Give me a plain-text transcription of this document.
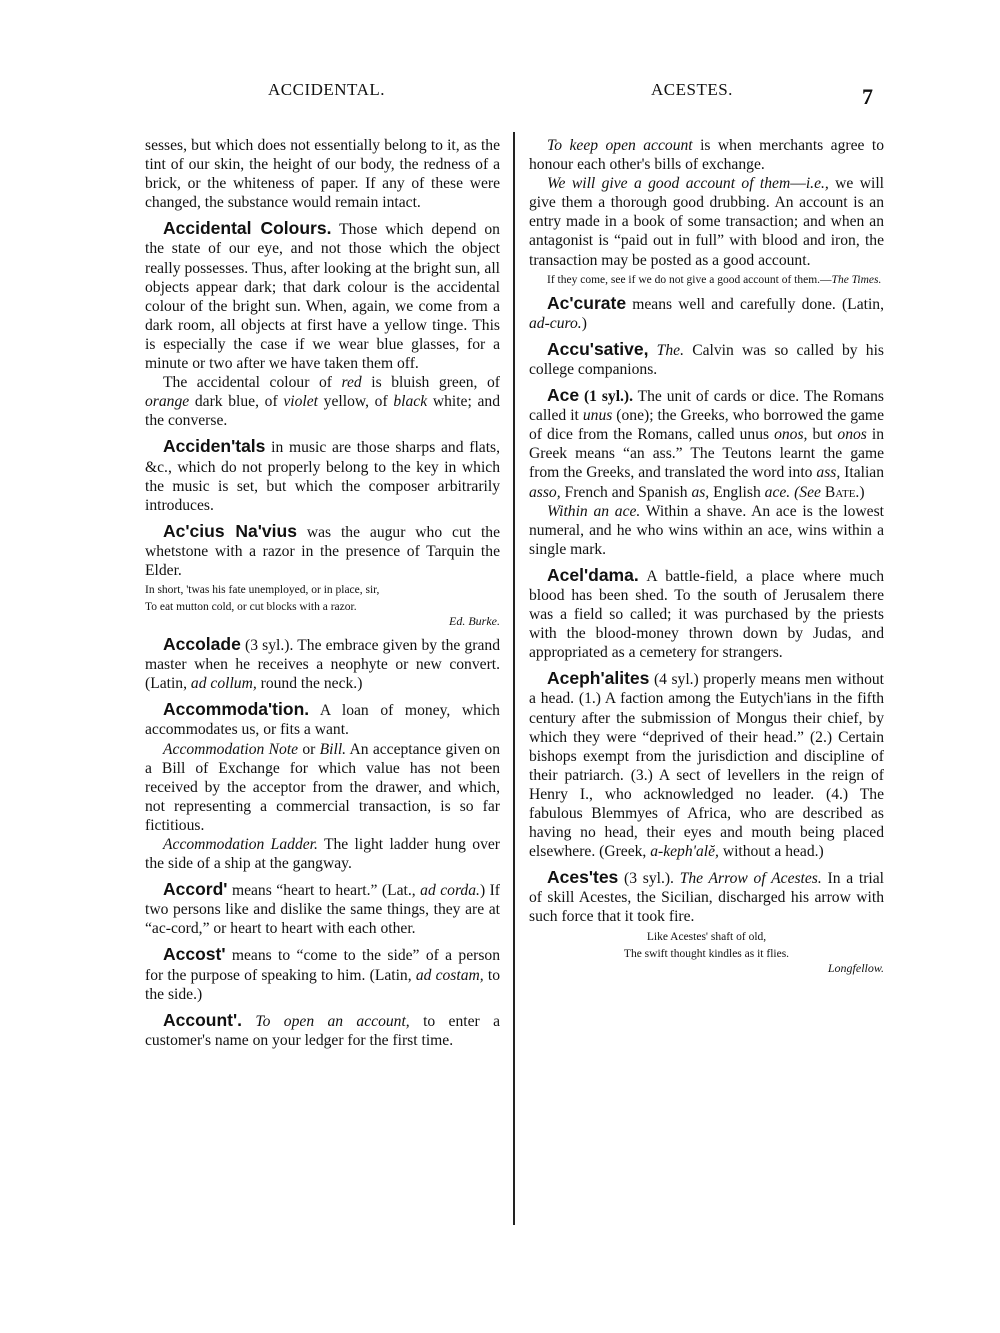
ACCIDENTAL.	ACESTES.	7

sesses, but which does not essentially belong to it, as the tint of our skin, the height of our body, the redness of a brick, or the whiteness of paper. If any of these were changed, the substance would remain intact.

Accidental Colours. Those which depend on the state of our eye, and not those which the object really possesses. Thus, after looking at the bright sun, all objects appear dark; that dark colour is the accidental colour of the bright sun. When, again, we come from a dark room, all objects at first have a yellow tinge. This is especially the case if we wear blue glasses, for a minute or two after we have taken them off.

The accidental colour of red is bluish green, of orange dark blue, of violet yellow, of black white; and the converse.

Acciden'tals in music are those sharps and flats, &c., which do not properly belong to the key in which the music is set, but which the composer arbitrarily introduces.

Ac'cius Na'vius was the augur who cut the whetstone with a razor in the presence of Tarquin the Elder.

In short, 'twas his fate unemployed, or in place, sir,

To eat mutton cold, or cut blocks with a razor.

Ed. Burke.

Accolade (3 syl.). The embrace given by the grand master when he receives a neophyte or new convert. (Latin, ad collum, round the neck.)

Accommoda'tion. A loan of money, which accommodates us, or fits a want.

Accommodation Note or Bill. An acceptance given on a Bill of Exchange for which value has not been received by the acceptor from the drawer, and which, not representing a commercial transaction, is so far fictitious.

Accommodation Ladder. The light ladder hung over the side of a ship at the gangway.

Accord' means “heart to heart.” (Lat., ad corda.) If two persons like and dislike the same things, they are at “ac-cord,” or heart to heart with each other.

Accost' means to “come to the side” of a person for the purpose of speaking to him. (Latin, ad costam, to the side.)

Account'. To open an account, to enter a customer's name on your ledger for the first time.

To keep open account is when merchants agree to honour each other's bills of exchange.

We will give a good account of them—i.e., we will give them a thorough good drubbing. An account is an entry made in a book of some transaction; and when an antagonist is “paid out in full” with blood and iron, the transaction may be posted as a good account.

If they come, see if we do not give a good account of them.—The Times.

Ac'curate means well and carefully done. (Latin, ad-curo.)

Accu'sative, The. Calvin was so called by his college companions.

Ace (1 syl.). The unit of cards or dice. The Romans called it unus (one); the Greeks, who borrowed the game of dice from the Romans, called unus onos, but onos in Greek means “an ass.” The Teutons learnt the game from the Greeks, and translated the word into ass, Italian asso, French and Spanish as, English ace. (See Bate.)

Within an ace. Within a shave. An ace is the lowest numeral, and he who wins within an ace, wins within a single mark.

Acel'dama. A battle-field, a place where much blood has been shed. To the south of Jerusalem there was a field so called; it was purchased by the priests with the blood-money thrown down by Judas, and appropriated as a cemetery for strangers.

Aceph'alites (4 syl.) properly means men without a head. (1.) A faction among the Eutych'ians in the fifth century after the submission of Mongus their chief, by which they were “deprived of their head.” (2.) Certain bishops exempt from the jurisdiction and discipline of their patriarch. (3.) A sect of levellers in the reign of Henry I., who acknowledged no leader. (4.) The fabulous Blemmyes of Africa, who are described as having no head, their eyes and mouth being placed elsewhere. (Greek, a-keph'alĕ, without a head.)

Aces'tes (3 syl.). The Arrow of Acestes. In a trial of skill Acestes, the Sicilian, discharged his arrow with such force that it took fire.

Like Acestes' shaft of old,

The swift thought kindles as it flies.

Longfellow.
